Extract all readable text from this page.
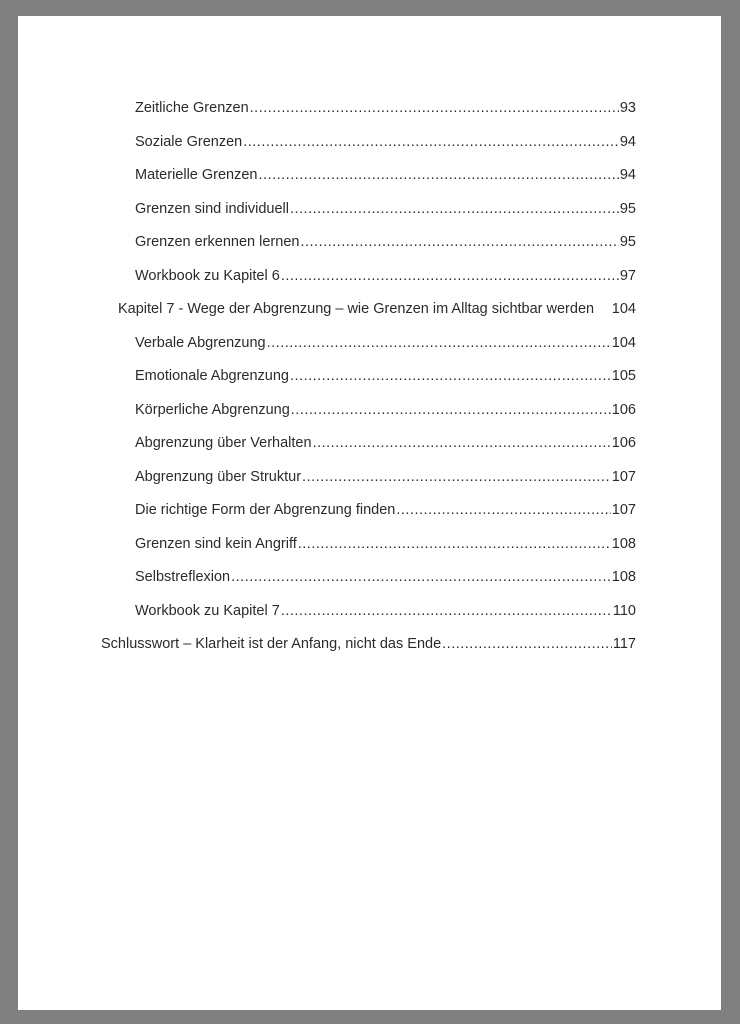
Zeitliche Grenzen .....	93
Soziale Grenzen .....	94
Materielle Grenzen .....	94
Grenzen sind individuell .....	95
Grenzen erkennen lernen .....	95
Workbook zu Kapitel 6 .....	97
Kapitel 7 - Wege der Abgrenzung – wie Grenzen im Alltag sichtbar werden 104
Verbale Abgrenzung .....	104
Emotionale Abgrenzung .....	105
Körperliche Abgrenzung .....	106
Abgrenzung über Verhalten .....	106
Abgrenzung über Struktur .....	107
Die richtige Form der Abgrenzung finden .....	107
Grenzen sind kein Angriff .....	108
Selbstreflexion .....	108
Workbook zu Kapitel 7 .....	110
Schlusswort – Klarheit ist der Anfang, nicht das Ende .....	117
